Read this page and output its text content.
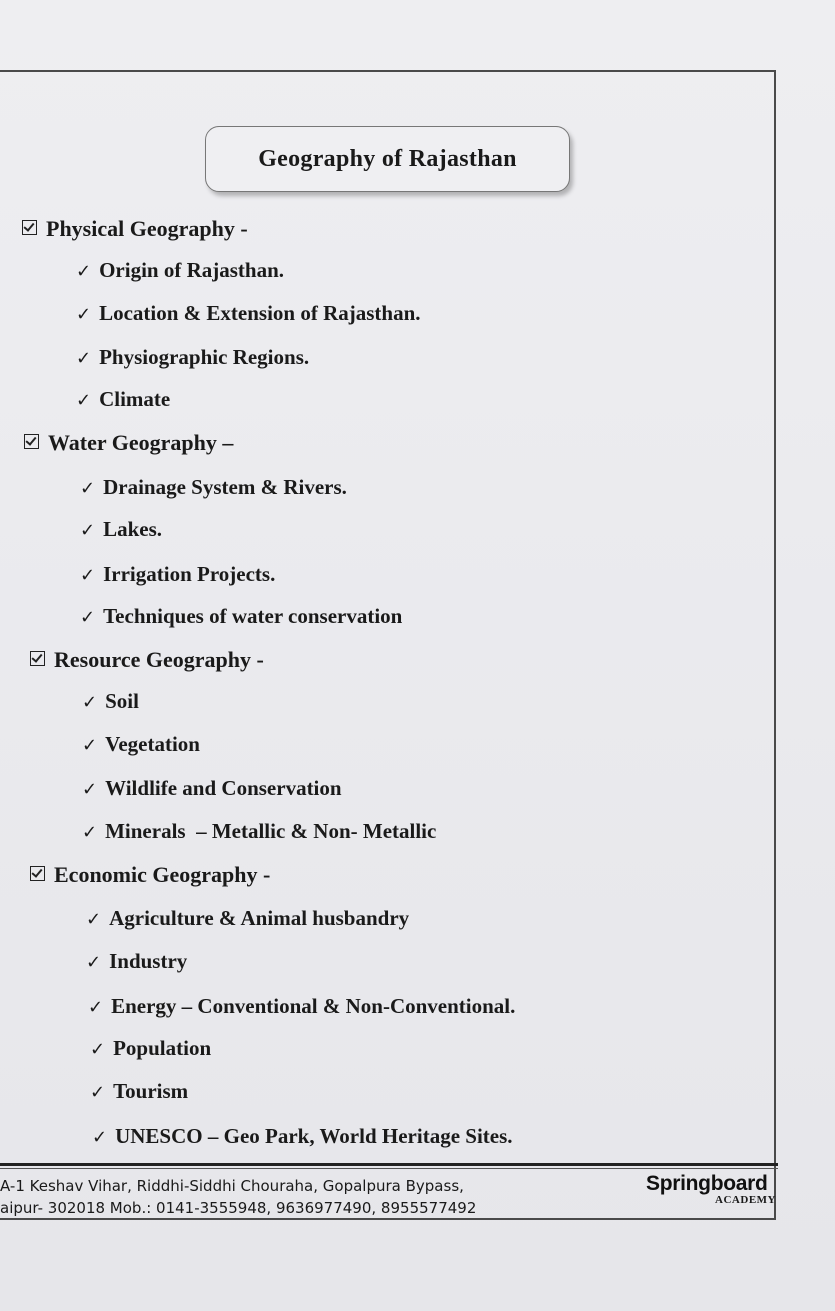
Geography of Rajasthan
Physical Geography -
✓ Origin of Rajasthan.
✓ Location & Extension of Rajasthan.
✓ Physiographic Regions.
✓ Climate
Water Geography –
✓ Drainage System & Rivers.
✓ Lakes.
✓ Irrigation Projects.
✓ Techniques of water conservation
Resource Geography -
✓ Soil
✓ Vegetation
✓ Wildlife and Conservation
✓ Minerals  – Metallic & Non- Metallic
Economic Geography -
✓ Agriculture & Animal husbandry
✓ Industry
✓ Energy – Conventional & Non-Conventional.
✓ Population
✓ Tourism
✓ UNESCO – Geo Park, World Heritage Sites.
A-1 Keshav Vihar, Riddhi-Siddhi Chouraha, Gopalpura Bypass,
aipur- 302018 Mob.: 0141-3555948, 9636977490, 8955577492
Springboard
ACADEMY
